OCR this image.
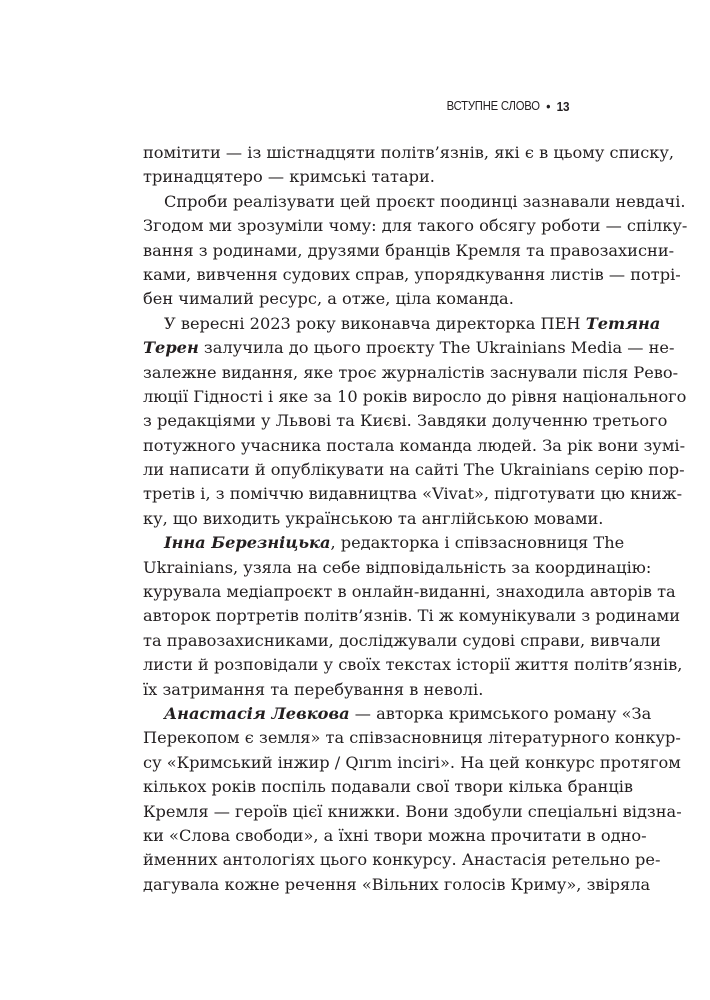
ВСТУПНЕ СЛОВО • 13
помітити — із шістнадцяти політв’язнів, які є в цьому списку,
тринадцятеро — кримські татари.
Спроби реалізувати цей проєкт поодинці зазнавали невдачі.
Згодом ми зрозуміли чому: для такого обсягу роботи — спілку-
вання з родинами, друзями бранців Кремля та правозахисни-
ками, вивчення судових справ, упорядкування листів — потрі-
бен чималий ресурс, а отже, ціла команда.
У вересні 2023 року виконавча директорка ПЕН Тетяна
Терен залучила до цього проєкту The Ukrainians Media — не-
залежне видання, яке троє журналістів заснували після Рево-
люції Гідності і яке за 10 років виросло до рівня національного
з редакціями у Львові та Києві. Завдяки долученню третього
потужного учасника постала команда людей. За рік вони зумі-
ли написати й опублікувати на сайті The Ukrainians серію пор-
третів і, з поміччю видавництва «Vivat», підготувати цю книж-
ку, що виходить українською та англійською мовами.
Інна Березніцька, редакторка і співзасновниця The
Ukrainians, узяла на себе відповідальність за координацію:
курувала медіапроєкт в онлайн-виданні, знаходила авторів та
авторок портретів політв’язнів. Ті ж комунікували з родинами
та правозахисниками, досліджували судові справи, вивчали
листи й розповідали у своїх текстах історії життя політв’язнів,
їх затримання та перебування в неволі.
Анастасія Левкова — авторка кримського роману «За
Перекопом є земля» та співзасновниця літературного конкур-
су «Кримський інжир / Qırım incіri». На цей конкурс протягом
кількох років поспіль подавали свої твори кілька бранців
Кремля — героїв цієї книжки. Вони здобули спеціальні відзна-
ки «Слова свободи», а їхні твори можна прочитати в одно-
йменних антологіях цього конкурсу. Анастасія ретельно ре-
дагувала кожне речення «Вільних голосів Криму», звіряла
